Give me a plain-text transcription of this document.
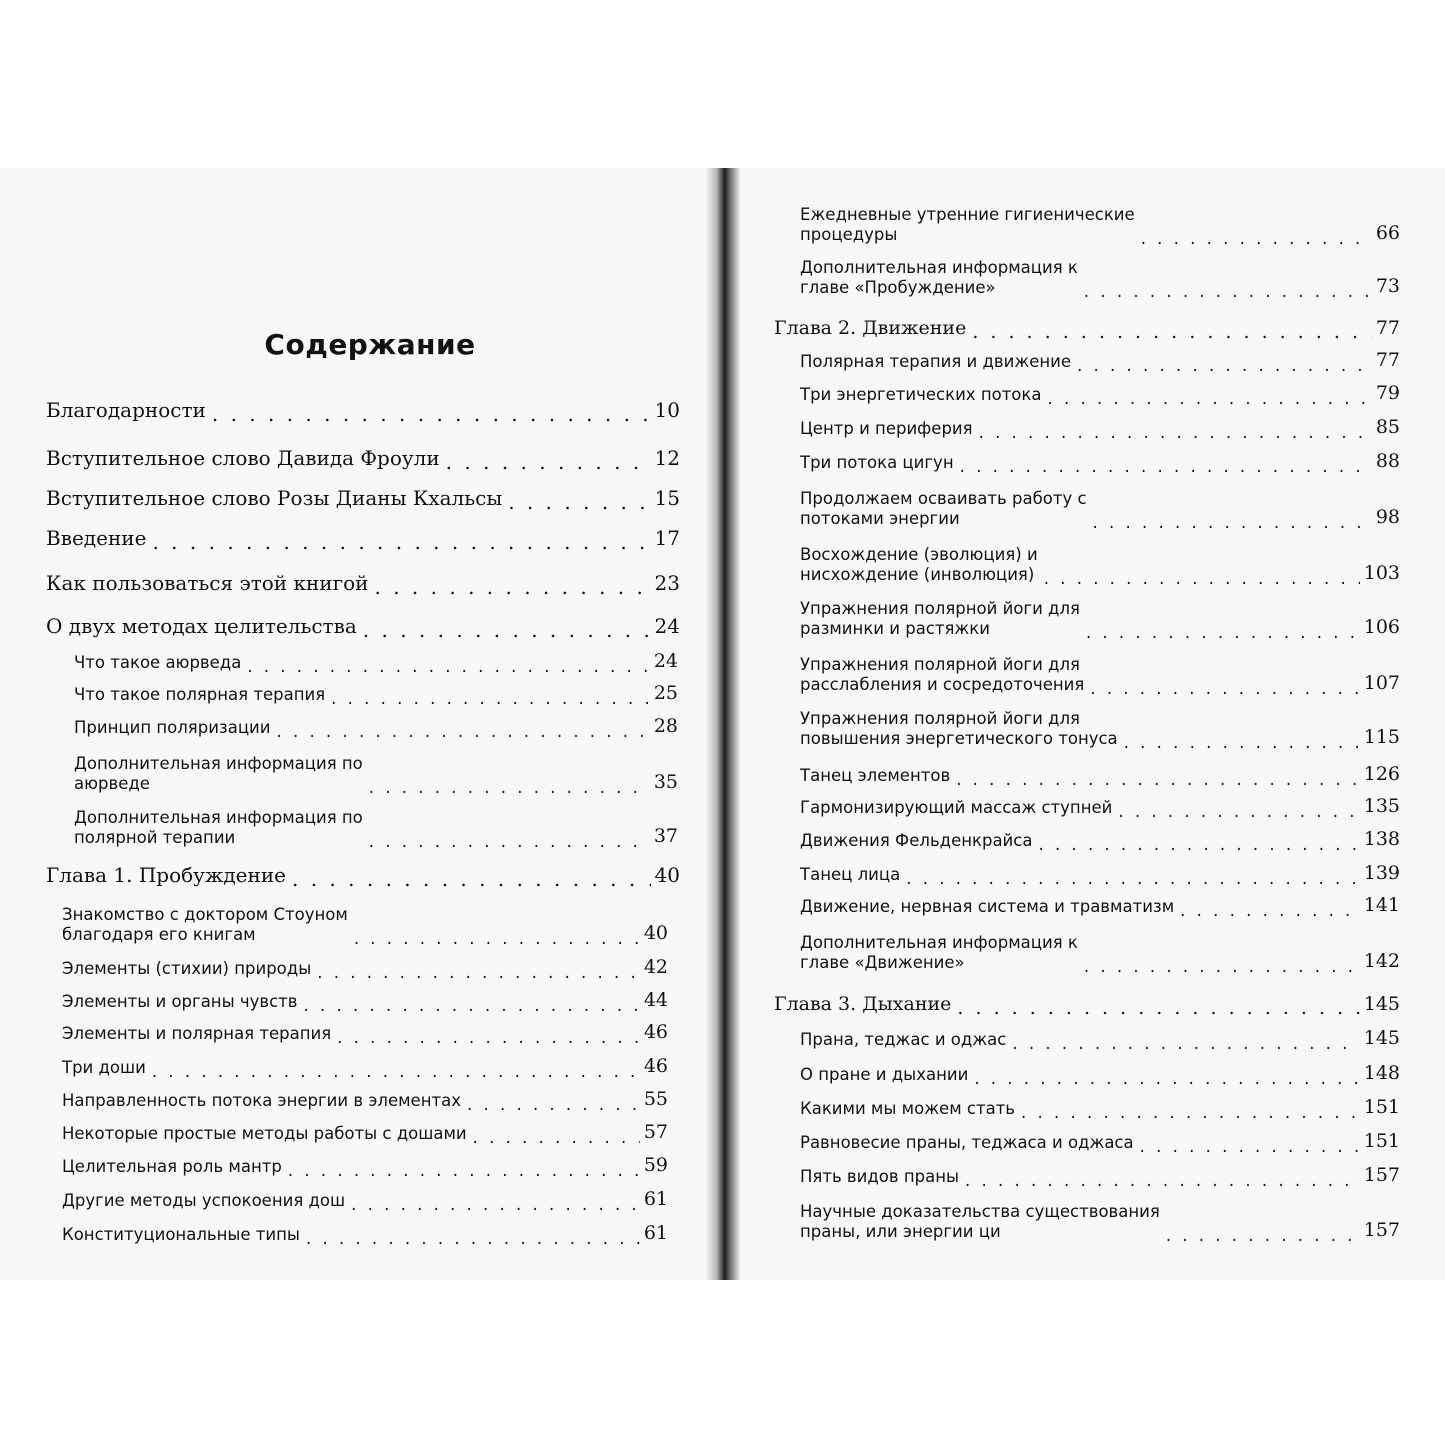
Содержание
Благодарности . . .	10
Вступительное слово Давида Фроули . . .	12
Вступительное слово Розы Дианы Кхальсы . . .	15
Введение . . .	17
Как пользоваться этой книгой . . .	23
О двух методах целительства . . .	24
Что такое аюрведа . . .	24
Что такое полярная терапия . . .	25
Принцип поляризации . . .	28
Дополнительная информация по
аюрведе . . .	35
Дополнительная информация по
полярной терапии . . .	37
Глава 1. Пробуждение . . .	40
Знакомство с доктором Стоуном
благодаря его книгам . . .	40
Элементы (стихии) природы . . .	42
Элементы и органы чувств . . .	44
Элементы и полярная терапия . . .	46
Три доши . . .	46
Направленность потока энергии в элементах . . .	55
Некоторые простые методы работы с дошами . . .	57
Целительная роль мантр . . .	59
Другие методы успокоения дош . . .	61
Конституциональные типы . . .	61
Ежедневные утренние гигиенические
процедуры . . .	66
Дополнительная информация к
главе «Пробуждение» . . .	73
Глава 2. Движение . . .	77
Полярная терапия и движение . . .	77
Три энергетических потока . . .	79
Центр и периферия . . .	85
Три потока цигун . . .	88
Продолжаем осваивать работу с
потоками энергии . . .	98
Восхождение (эволюция) и
нисхождение (инволюция) . . .	103
Упражнения полярной йоги для
разминки и растяжки . . .	106
Упражнения полярной йоги для
расслабления и сосредоточения . . .	107
Упражнения полярной йоги для
повышения энергетического тонуса . . .	115
Танец элементов . . .	126
Гармонизирующий массаж ступней . . .	135
Движения Фельденкрайса . . .	138
Танец лица . . .	139
Движение, нервная система и травматизм . . .	141
Дополнительная информация к
главе «Движение» . . .	142
Глава 3. Дыхание . . .	145
Прана, теджас и оджас . . .	145
О пране и дыхании . . .	148
Какими мы можем стать . . .	151
Равновесие праны, теджаса и оджаса . . .	151
Пять видов праны . . .	157
Научные доказательства существования
праны, или энергии ци . . .	157
